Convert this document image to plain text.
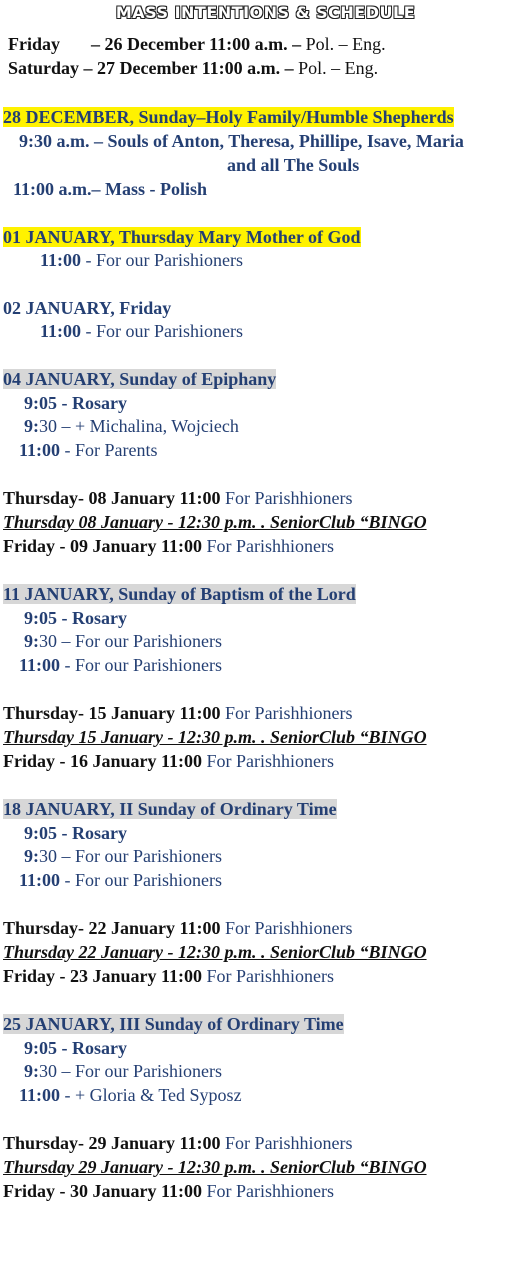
MASS INTENTIONS & SCHEDULE
Friday – 26 December 11:00 a.m. – Pol. – Eng.
Saturday – 27 December 11:00 a.m. – Pol. – Eng.
28 DECEMBER, Sunday–Holy Family/Humble Shepherds
9:30 a.m. – Souls of Anton, Theresa, Phillipe, Isave, Maria
and all The Souls
11:00 a.m.– Mass - Polish
01 JANUARY, Thursday Mary Mother of God
11:00 - For our Parishioners
02 JANUARY, Friday
11:00 - For our Parishioners
04 JANUARY, Sunday of Epiphany
9:05 - Rosary
9:30 – + Michalina, Wojciech
11:00 - For Parents
Thursday- 08 January 11:00 For Parishhioners
Thursday 08 January - 12:30 p.m. . SeniorClub “BINGO
Friday - 09 January 11:00 For Parishhioners
11 JANUARY, Sunday of Baptism of the Lord
9:05 - Rosary
9:30 – For our Parishioners
11:00 - For our Parishioners
Thursday- 15 January 11:00 For Parishhioners
Thursday 15 January - 12:30 p.m. . SeniorClub “BINGO
Friday - 16 January 11:00 For Parishhioners
18 JANUARY, II Sunday of Ordinary Time
9:05 - Rosary
9:30 – For our Parishioners
11:00 - For our Parishioners
Thursday- 22 January 11:00 For Parishhioners
Thursday 22 January - 12:30 p.m. . SeniorClub “BINGO
Friday - 23 January 11:00 For Parishhioners
25 JANUARY, III Sunday of Ordinary Time
9:05 - Rosary
9:30 – For our Parishioners
11:00 - + Gloria & Ted Syposz
Thursday- 29 January 11:00 For Parishhioners
Thursday 29 January - 12:30 p.m. . SeniorClub “BINGO
Friday - 30 January 11:00 For Parishhioners
